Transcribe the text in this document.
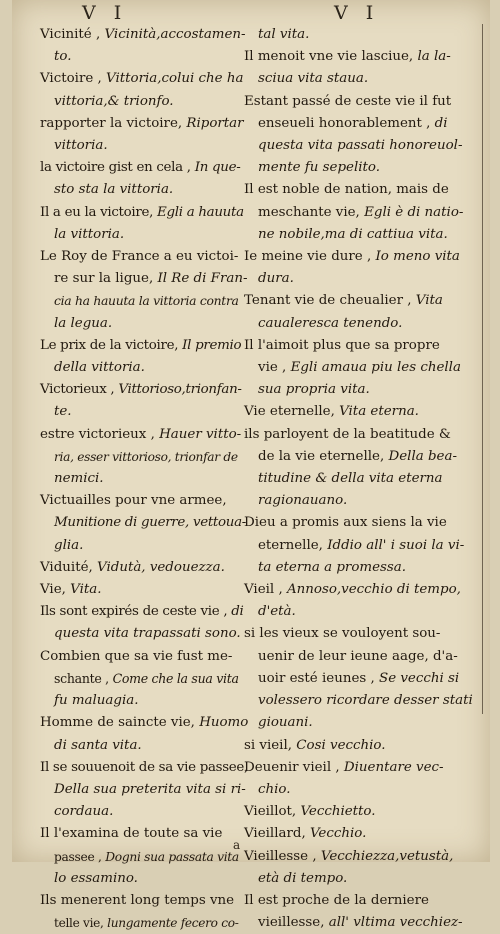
V I	V I
Vicinité , Vicinità,accostamen-
to.
Victoire , Vittoria,colui che ha
vittoria,& trionfo.
rapporter la victoire, Riportar
vittoria.
la victoire gist en cela , In que-
sto sta la vittoria.
Il a eu la victoire, Egli a hauuta
la vittoria.
Le Roy de France a eu victoi-
re sur la ligue, Il Re di Fran-
cia ha hauuta la vittoria contra
la legua.
Le prix de la victoire, Il premio
della vittoria.
Victorieux , Vittorioso,trionfan-
te.
estre victorieux , Hauer vitto-
ria, esser vittorioso, trionfar de
nemici.
Victuailles pour vne armee,
Munitione di guerre, vettoua-
glia.
Viduité, Vidutà, vedouezza.
Vie, Vita.
Ils sont expirés de ceste vie , di
questa vita trapassati sono.
Combien que sa vie fust me-
schante , Come che la sua vita
fu maluagia.
Homme de saincte vie, Huomo
di santa vita.
Il se souuenoit de sa vie passee,
Della sua preterita vita si ri-
cordaua.
Il l'examina de toute sa vie
passee , Dogni sua passata vita
lo essamino.
Ils menerent long temps vne
telle vie, lungamente fecero co-
tal vita.
Il menoit vne vie lasciue, la la-
sciua vita staua.
Estant passé de ceste vie il fut
enseueli honorablement , di
questa vita passati honoreuol-
mente fu sepelito.
Il est noble de nation, mais de
meschante vie, Egli è di natio-
ne nobile,ma di cattiua vita.
Ie meine vie dure , Io meno vita
dura.
Tenant vie de cheualier , Vita
caualeresca tenendo.
Il l'aimoit plus que sa propre
vie , Egli amaua piu les chella
sua propria vita.
Vie eternelle, Vita eterna.
ils parloyent de la beatitude &
de la vie eternelle, Della bea-
titudine & della vita eterna
ragionauano.
Dieu a promis aux siens la vie
eternelle, Iddio all' i suoi la vi-
ta eterna a promessa.
Vieil , Annoso,vecchio di tempo,
d'età.
si les vieux se vouloyent sou-
uenir de leur ieune aage, d'a-
uoir esté ieunes , Se vecchi si
volessero ricordare desser stati
giouani.
si vieil, Cosi vecchio.
Deuenir vieil , Diuentare vec-
chio.
Vieillot, Vecchietto.
Vieillard, Vecchio.
Vieillesse , Vecchiezza,vetustà,
età di tempo.
Il est proche de la derniere
vieillesse, all' vltima vecchiez-
a
